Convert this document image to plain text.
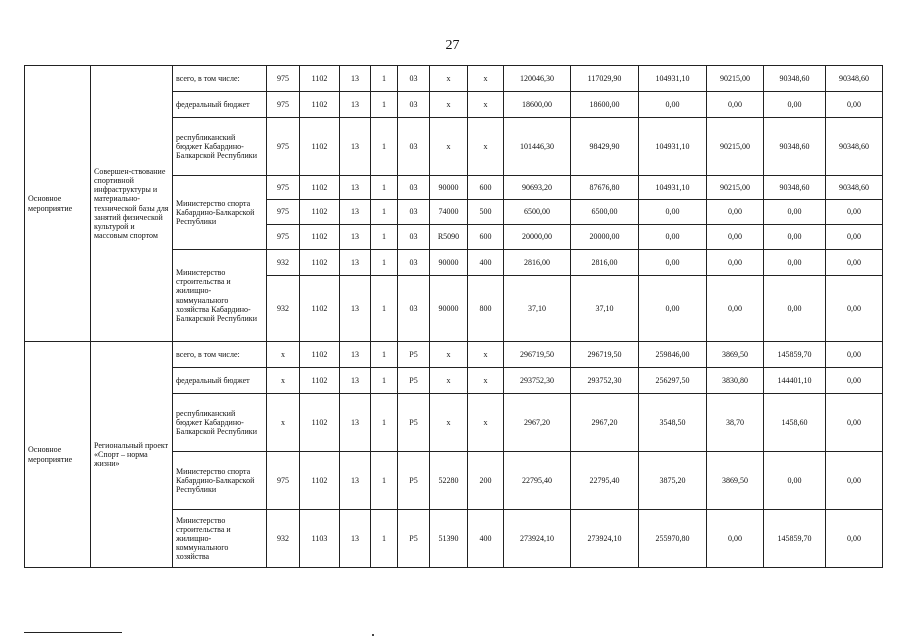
27
Основное мероприятие	Совершен-ствование спортивной инфраструктуры и материально-технической базы для занятий физической культурой и массовым спортом	всего, в том числе:	975	1102	13	1	03	x	x	120046,30	117029,90	104931,10	90215,00	90348,60	90348,60
		федеральный бюджет	975	1102	13	1	03	x	x	18600,00	18600,00	0,00	0,00	0,00	0,00
		республиканский бюджет Кабардино-Балкарской Республики	975	1102	13	1	03	x	x	101446,30	98429,90	104931,10	90215,00	90348,60	90348,60
		Министерство спорта Кабардино-Балкарской Республики	975	1102	13	1	03	90000	600	90693,20	87676,80	104931,10	90215,00	90348,60	90348,60
			975	1102	13	1	03	74000	500	6500,00	6500,00	0,00	0,00	0,00	0,00
			975	1102	13	1	03	R5090	600	20000,00	20000,00	0,00	0,00	0,00	0,00
		Министерство строительства и жилищно-коммунального хозяйства Кабардино-Балкарской Республики	932	1102	13	1	03	90000	400	2816,00	2816,00	0,00	0,00	0,00	0,00
			932	1102	13	1	03	90000	800	37,10	37,10	0,00	0,00	0,00	0,00
Основное мероприятие	Региональный проект «Спорт – норма жизни»	всего, в том числе:	x	1102	13	1	P5	x	x	296719,50	296719,50	259846,00	3869,50	145859,70	0,00
		федеральный бюджет	x	1102	13	1	P5	x	x	293752,30	293752,30	256297,50	3830,80	144401,10	0,00
		республиканский бюджет Кабардино-Балкарской Республики	x	1102	13	1	P5	x	x	2967,20	2967,20	3548,50	38,70	1458,60	0,00
		Министерство спорта Кабардино-Балкарской Республики	975	1102	13	1	P5	52280	200	22795,40	22795,40	3875,20	3869,50	0,00	0,00
		Министерство строительства и жилищно-коммунального хозяйства	932	1103	13	1	P5	51390	400	273924,10	273924,10	255970,80	0,00	145859,70	0,00
